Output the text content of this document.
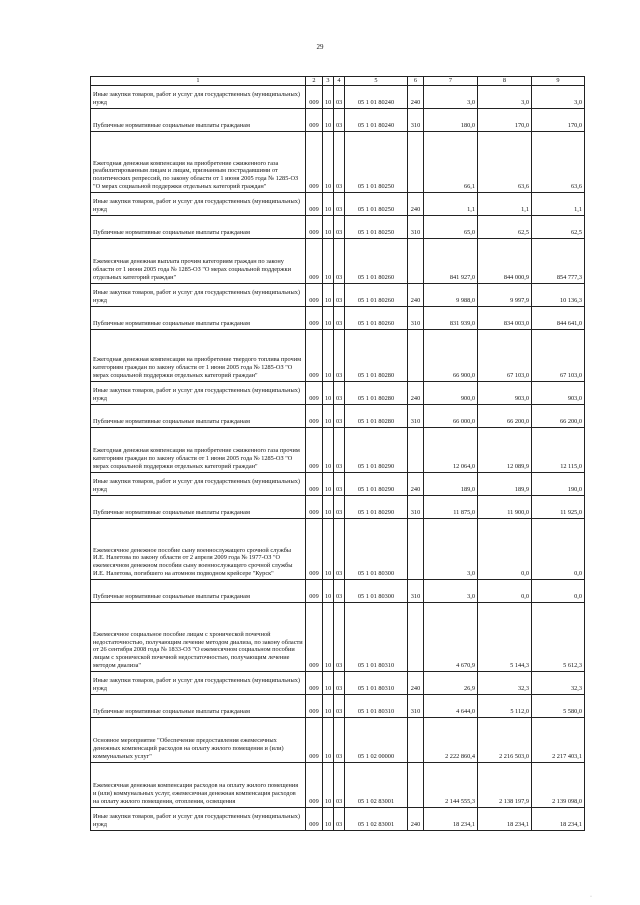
29
1	2	3	4	5	6	7	8	9
Иные закупки товаров, работ и услуг для государственных (муниципальных) нужд	009	10	03	05 1 01 80240	240	3,0	3,0	3,0
Публичные нормативные социальные выплаты гражданам	009	10	03	05 1 01 80240	310	180,0	170,0	170,0
Ежегодная денежная компенсация на приобретение сжиженного газа реабилитированным лицам и лицам, признанным пострадавшими от политических репрессий, по закону области от 1 июня 2005 года № 1285-ОЗ "О мерах социальной поддержки отдельных категорий граждан"	009	10	03	05 1 01 80250		66,1	63,6	63,6
Иные закупки товаров, работ и услуг для государственных (муниципальных) нужд	009	10	03	05 1 01 80250	240	1,1	1,1	1,1
Публичные нормативные социальные выплаты гражданам	009	10	03	05 1 01 80250	310	65,0	62,5	62,5
Ежемесячная денежная выплата прочим категориям граждан по закону области от 1 июня 2005 года № 1285-ОЗ "О мерах социальной поддержки отдельных категорий граждан"	009	10	03	05 1 01 80260		841 927,0	844 000,9	854 777,3
Иные закупки товаров, работ и услуг для государственных (муниципальных) нужд	009	10	03	05 1 01 80260	240	9 988,0	9 997,9	10 136,3
Публичные нормативные социальные выплаты гражданам	009	10	03	05 1 01 80260	310	831 939,0	834 003,0	844 641,0
Ежегодная денежная компенсация на приобретение твердого топлива прочим категориям граждан по закону области от 1 июня 2005 года № 1285-ОЗ "О мерах социальной поддержки отдельных категорий граждан"	009	10	03	05 1 01 80280		66 900,0	67 103,0	67 103,0
Иные закупки товаров, работ и услуг для государственных (муниципальных) нужд	009	10	03	05 1 01 80280	240	900,0	903,0	903,0
Публичные нормативные социальные выплаты гражданам	009	10	03	05 1 01 80280	310	66 000,0	66 200,0	66 200,0
Ежегодная денежная компенсация на приобретение сжиженного газа прочим категориям граждан по закону области от 1 июня 2005 года № 1285-ОЗ "О мерах социальной поддержки отдельных категорий граждан"	009	10	03	05 1 01 80290		12 064,0	12 089,9	12 115,0
Иные закупки товаров, работ и услуг для государственных (муниципальных) нужд	009	10	03	05 1 01 80290	240	189,0	189,9	190,0
Публичные нормативные социальные выплаты гражданам	009	10	03	05 1 01 80290	310	11 875,0	11 900,0	11 925,0
Ежемесячное денежное пособие сыну военнослужащего срочной службы И.Е. Налетова по закону области от 2 апреля 2009 года № 1977-ОЗ "О ежемесячном денежном пособии сыну военнослужащего срочной службы И.Е. Налетова, погибшего на атомном подводном крейсере "Курск"	009	10	03	05 1 01 80300		3,0	0,0	0,0
Публичные нормативные социальные выплаты гражданам	009	10	03	05 1 01 80300	310	3,0	0,0	0,0
Ежемесячное социальное пособие лицам с хронической почечной недостаточностью, получающим лечение методом диализа, по закону области от 26 сентября 2008 года № 1833-ОЗ "О ежемесячном социальном пособии лицам с хронической почечной недостаточностью, получающим лечение методом диализа"	009	10	03	05 1 01 80310		4 670,9	5 144,3	5 612,3
Иные закупки товаров, работ и услуг для государственных (муниципальных) нужд	009	10	03	05 1 01 80310	240	26,9	32,3	32,3
Публичные нормативные социальные выплаты гражданам	009	10	03	05 1 01 80310	310	4 644,0	5 112,0	5 580,0
Основное мероприятие "Обеспечение предоставления ежемесячных денежных компенсаций расходов на оплату жилого помещения и (или) коммунальных услуг"	009	10	03	05 1 02 00000		2 222 860,4	2 216 503,0	2 217 403,1
Ежемесячная денежная компенсация расходов на оплату жилого помещения и (или) коммунальных услуг, ежемесячная денежная компенсация расходов на оплату жилого помещения, отопления, освещения	009	10	03	05 1 02 83001		2 144 555,3	2 138 197,9	2 139 098,0
Иные закупки товаров, работ и услуг для государственных (муниципальных) нужд	009	10	03	05 1 02 83001	240	18 234,1	18 234,1	18 234,1
·
